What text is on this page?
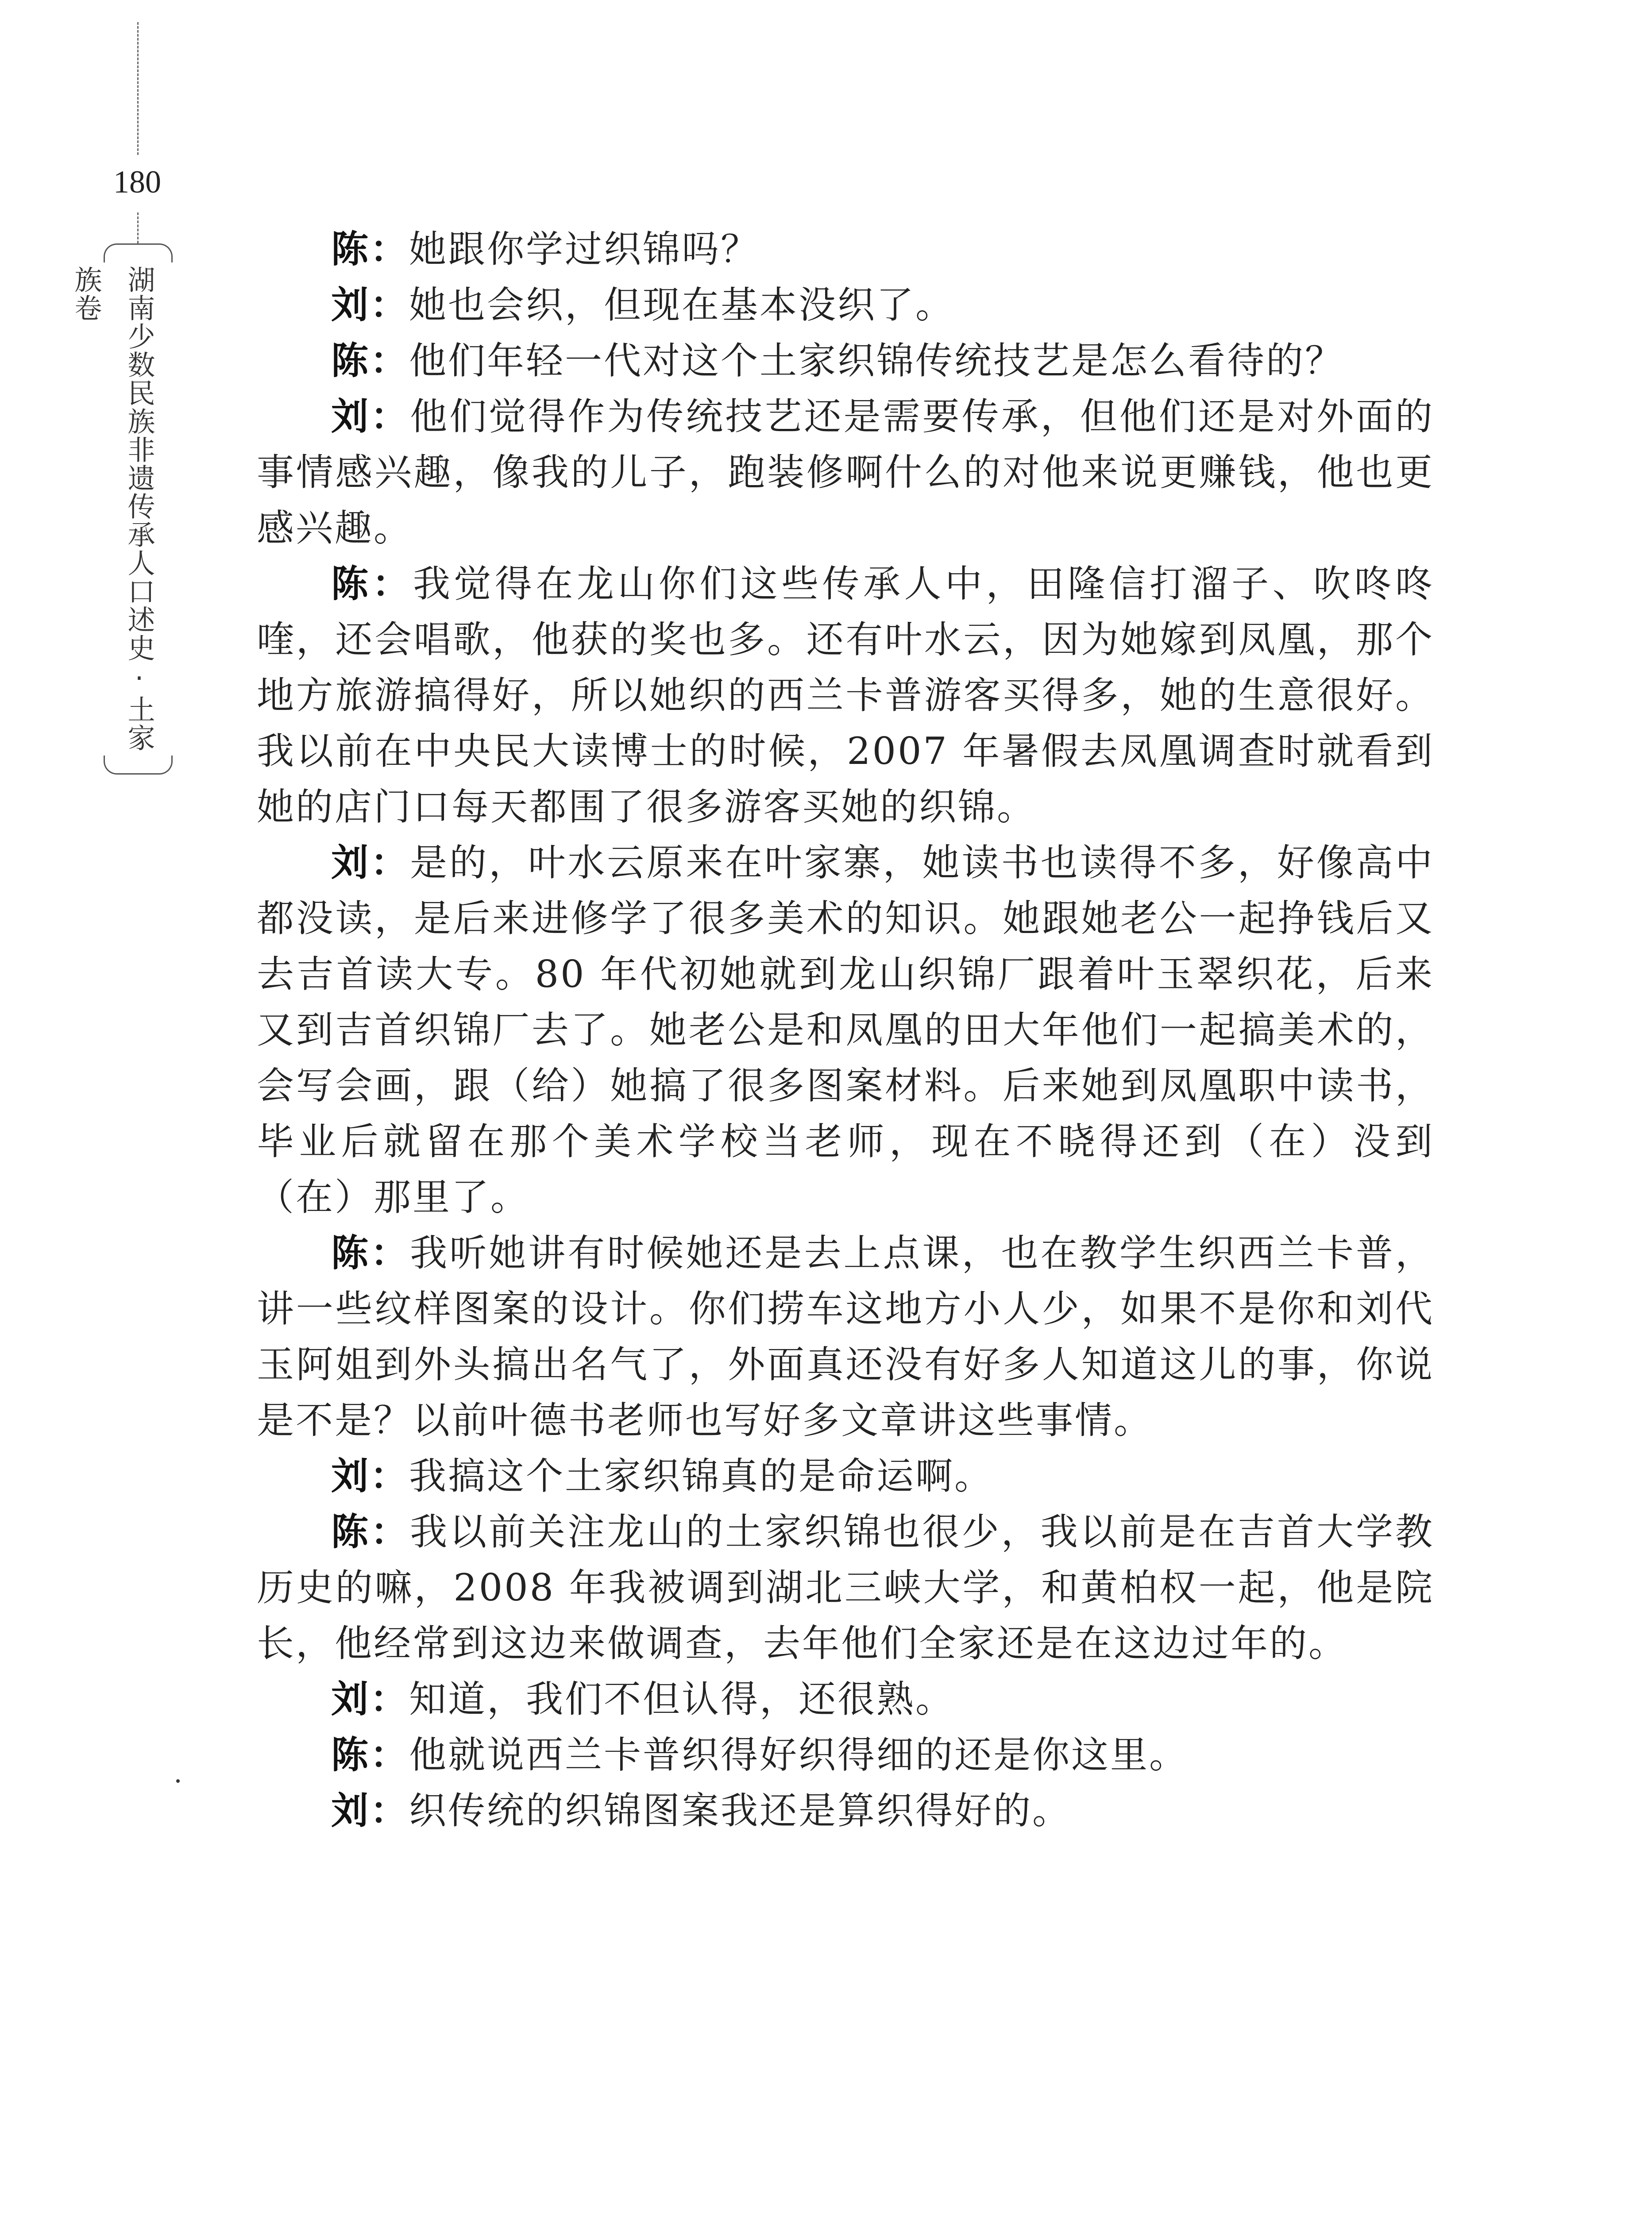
180
湖南少数民族非遗传承人口述史·土家族卷

陈：她跟你学过织锦吗？

刘：她也会织，但现在基本没织了。

陈：他们年轻一代对这个土家织锦传统技艺是怎么看待的？

刘：他们觉得作为传统技艺还是需要传承，但他们还是对外面的事情感兴趣，像我的儿子，跑装修啊什么的对他来说更赚钱，他也更感兴趣。

陈：我觉得在龙山你们这些传承人中，田隆信打溜子、吹咚咚喹，还会唱歌，他获的奖也多。还有叶水云，因为她嫁到凤凰，那个地方旅游搞得好，所以她织的西兰卡普游客买得多，她的生意很好。我以前在中央民大读博士的时候，2007 年暑假去凤凰调查时就看到她的店门口每天都围了很多游客买她的织锦。

刘：是的，叶水云原来在叶家寨，她读书也读得不多，好像高中都没读，是后来进修学了很多美术的知识。她跟她老公一起挣钱后又去吉首读大专。80 年代初她就到龙山织锦厂跟着叶玉翠织花，后来又到吉首织锦厂去了。她老公是和凤凰的田大年他们一起搞美术的，会写会画，跟（给）她搞了很多图案材料。后来她到凤凰职中读书，毕业后就留在那个美术学校当老师，现在不晓得还到（在）没到（在）那里了。

陈：我听她讲有时候她还是去上点课，也在教学生织西兰卡普，讲一些纹样图案的设计。你们捞车这地方小人少，如果不是你和刘代玉阿姐到外头搞出名气了，外面真还没有好多人知道这儿的事，你说是不是？以前叶德书老师也写好多文章讲这些事情。

刘：我搞这个土家织锦真的是命运啊。

陈：我以前关注龙山的土家织锦也很少，我以前是在吉首大学教历史的嘛，2008 年我被调到湖北三峡大学，和黄柏权一起，他是院长，他经常到这边来做调查，去年他们全家还是在这边过年的。

刘：知道，我们不但认得，还很熟。

陈：他就说西兰卡普织得好织得细的还是你这里。

刘：织传统的织锦图案我还是算织得好的。
